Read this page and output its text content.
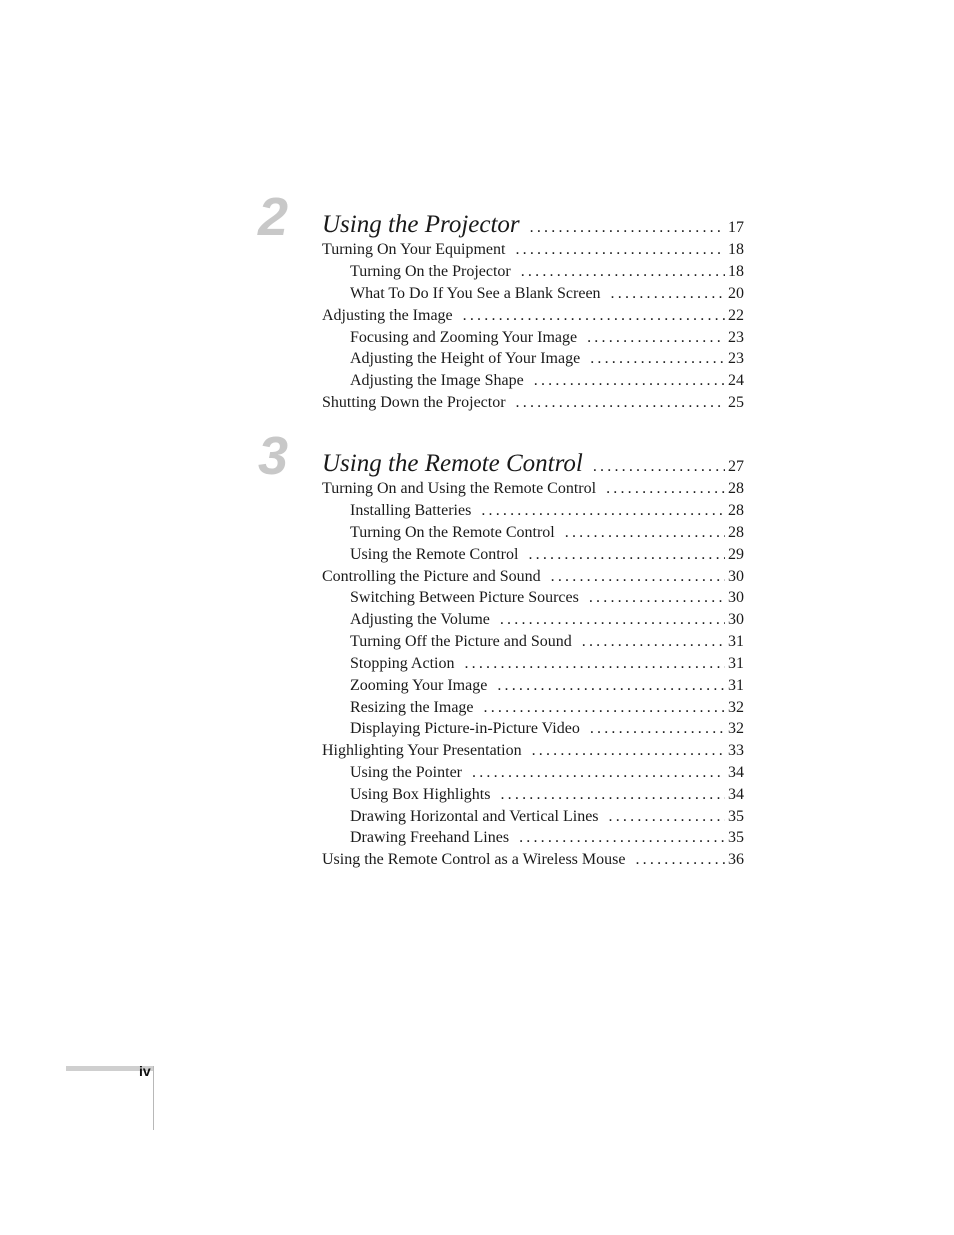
2	Using the Projector .....	17
Turning On Your Equipment .....	18
Turning On the Projector .....	18
What To Do If You See a Blank Screen .....	20
Adjusting the Image .....	22
Focusing and Zooming Your Image .....	23
Adjusting the Height of Your Image .....	23
Adjusting the Image Shape .....	24
Shutting Down the Projector .....	25
3	Using the Remote Control .....	27
Turning On and Using the Remote Control .....	28
Installing Batteries .....	28
Turning On the Remote Control .....	28
Using the Remote Control .....	29
Controlling the Picture and Sound .....	30
Switching Between Picture Sources .....	30
Adjusting the Volume .....	30
Turning Off the Picture and Sound .....	31
Stopping Action .....	31
Zooming Your Image .....	31
Resizing the Image .....	32
Displaying Picture-in-Picture Video .....	32
Highlighting Your Presentation .....	33
Using the Pointer .....	34
Using Box Highlights .....	34
Drawing Horizontal and Vertical Lines .....	35
Drawing Freehand Lines .....	35
Using the Remote Control as a Wireless Mouse .....	36
iv
